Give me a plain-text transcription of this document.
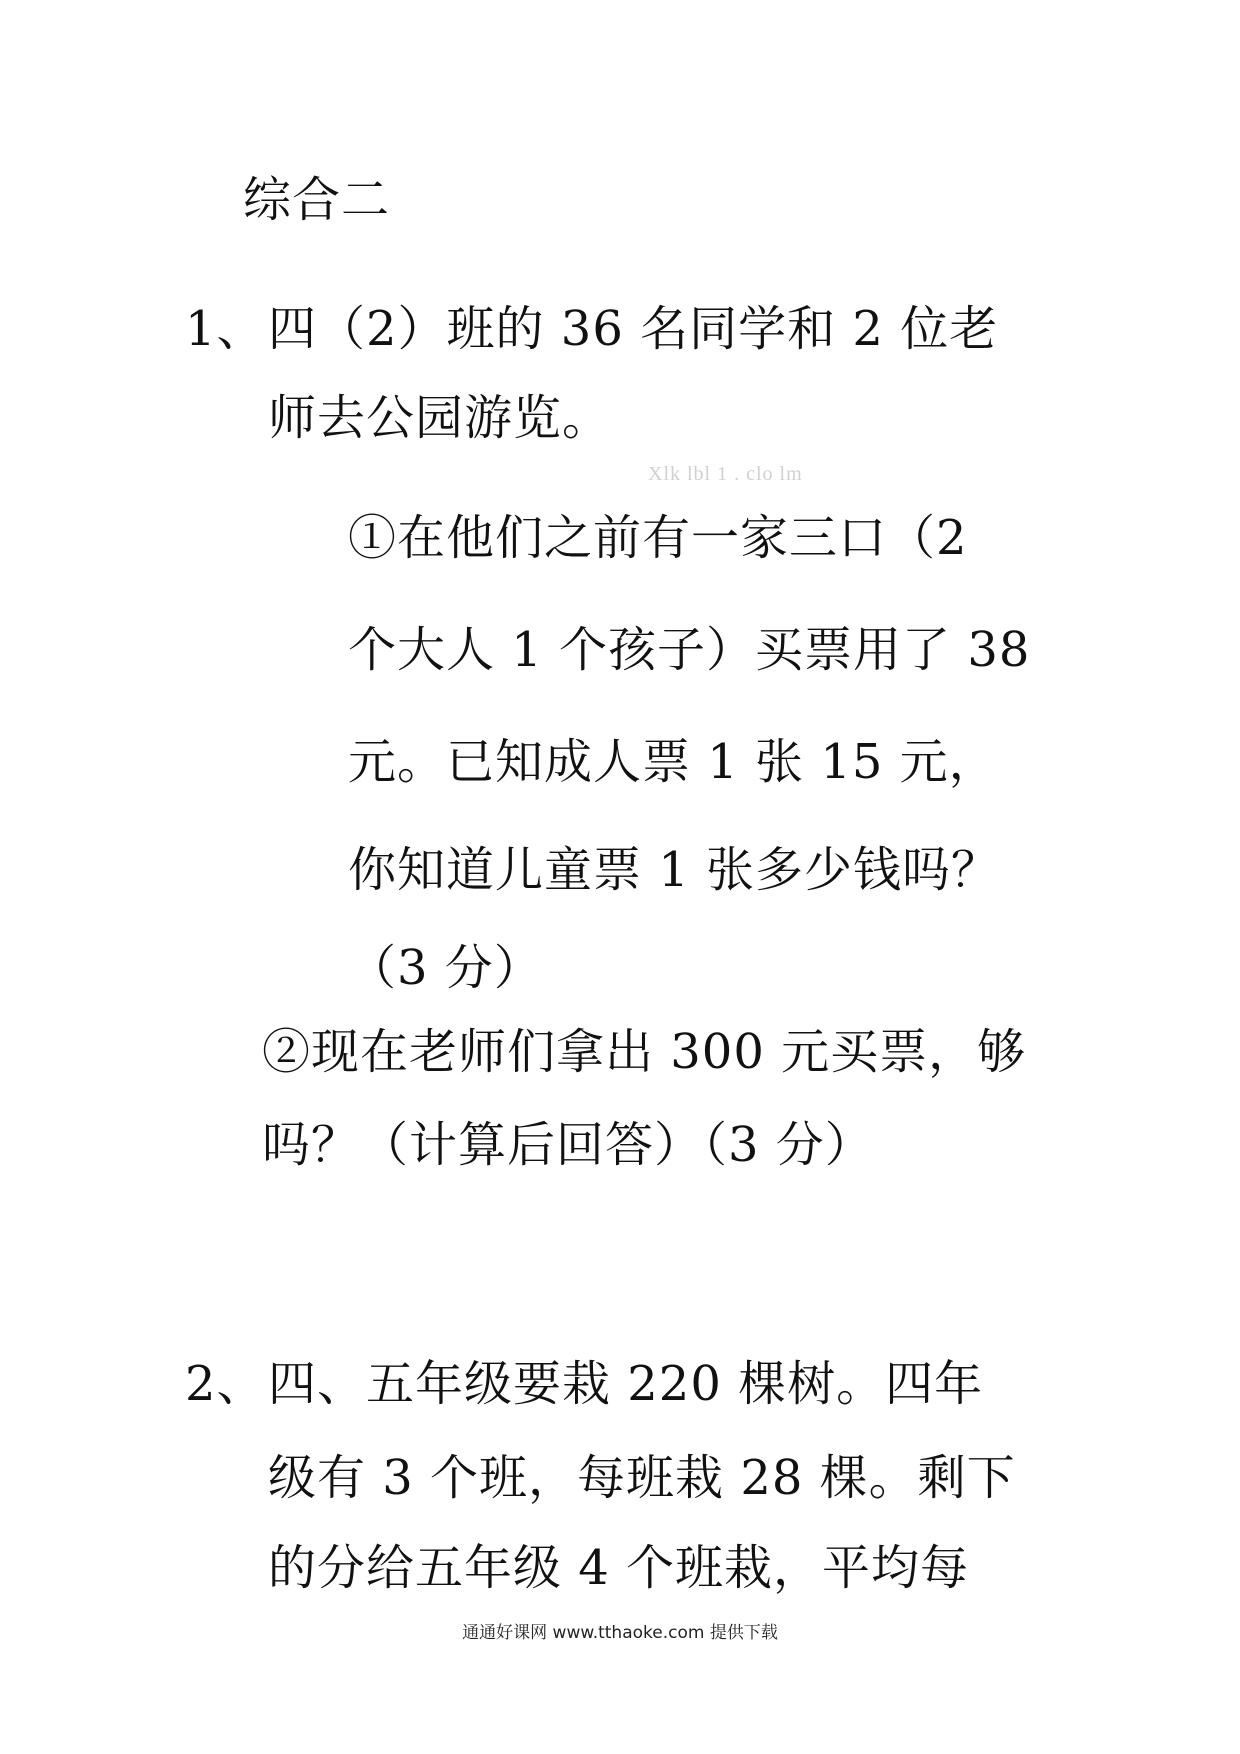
综合二
1、 四（2）班的 36 名同学和 2 位老
师去公园游览。
Xlk lbl 1 . clo lm
①在他们之前有一家三口（2
个大人 1 个孩子）买票用了 38
元。已知成人票 1 张 15 元，
你知道儿童票 1 张多少钱吗？
（3 分）
②现在老师们拿出 300 元买票，够
吗？（计算后回答）（3 分）
2、 四、五年级要栽 220 棵树。四年
级有 3 个班，每班栽 28 棵。剩下
的分给五年级 4 个班栽，平均每
通通好课网 www.tthaoke.com 提供下载
